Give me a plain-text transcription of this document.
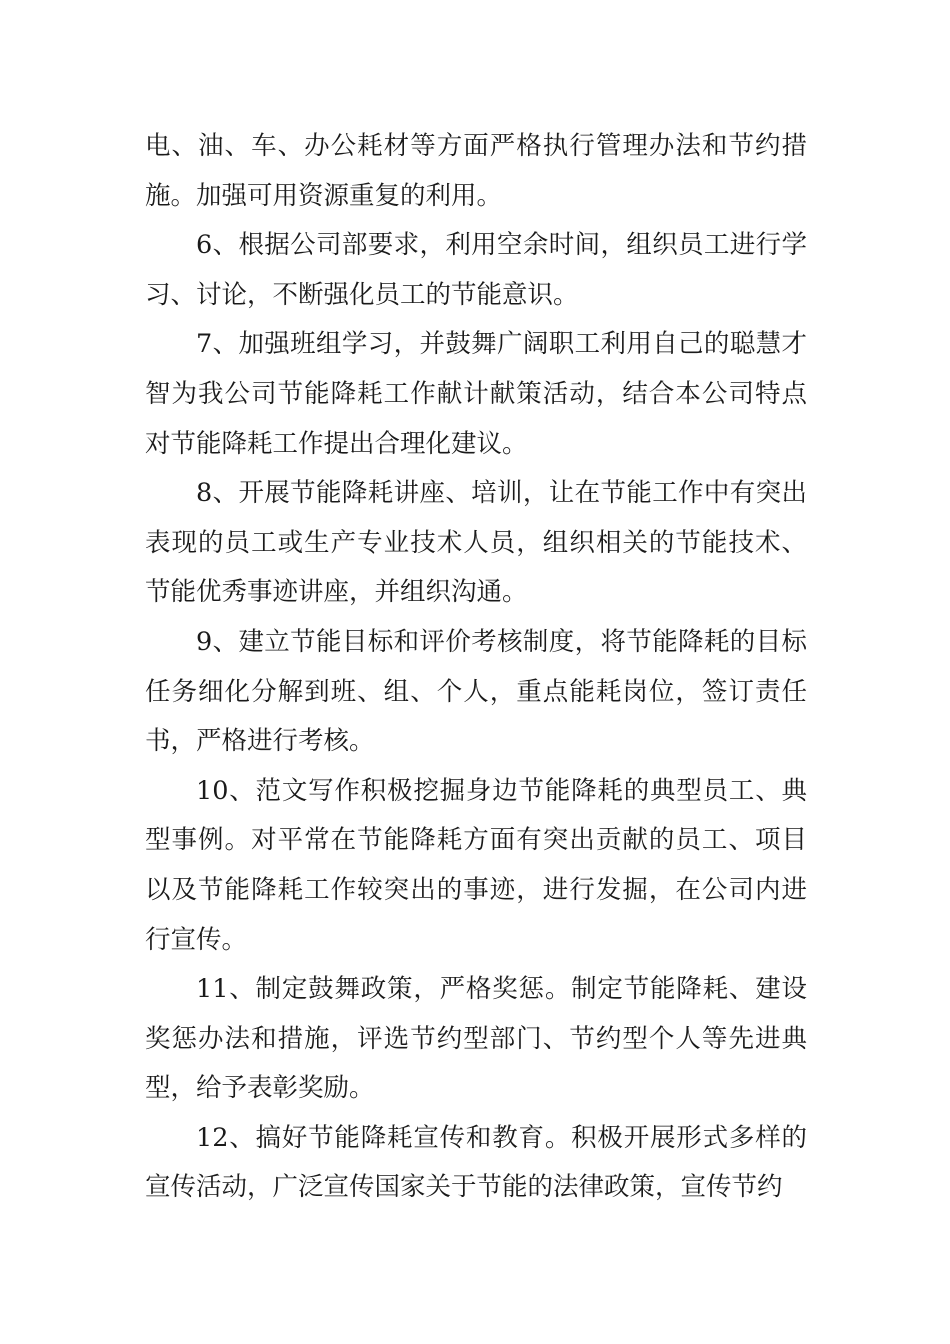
电、油、车、办公耗材等方面严格执行管理办法和节约措施。加强可用资源重复的利用。

6、根据公司部要求，利用空余时间，组织员工进行学习、讨论，不断强化员工的节能意识。

7、加强班组学习，并鼓舞广阔职工利用自己的聪慧才智为我公司节能降耗工作献计献策活动，结合本公司特点对节能降耗工作提出合理化建议。

8、开展节能降耗讲座、培训，让在节能工作中有突出表现的员工或生产专业技术人员，组织相关的节能技术、节能优秀事迹讲座，并组织沟通。

9、建立节能目标和评价考核制度，将节能降耗的目标任务细化分解到班、组、个人，重点能耗岗位，签订责任书，严格进行考核。

10、范文写作积极挖掘身边节能降耗的典型员工、典型事例。对平常在节能降耗方面有突出贡献的员工、项目以及节能降耗工作较突出的事迹，进行发掘，在公司内进行宣传。

11、制定鼓舞政策，严格奖惩。制定节能降耗、建设奖惩办法和措施，评选节约型部门、节约型个人等先进典型，给予表彰奖励。

12、搞好节能降耗宣传和教育。积极开展形式多样的宣传活动，广泛宣传国家关于节能的法律政策，宣传节约
